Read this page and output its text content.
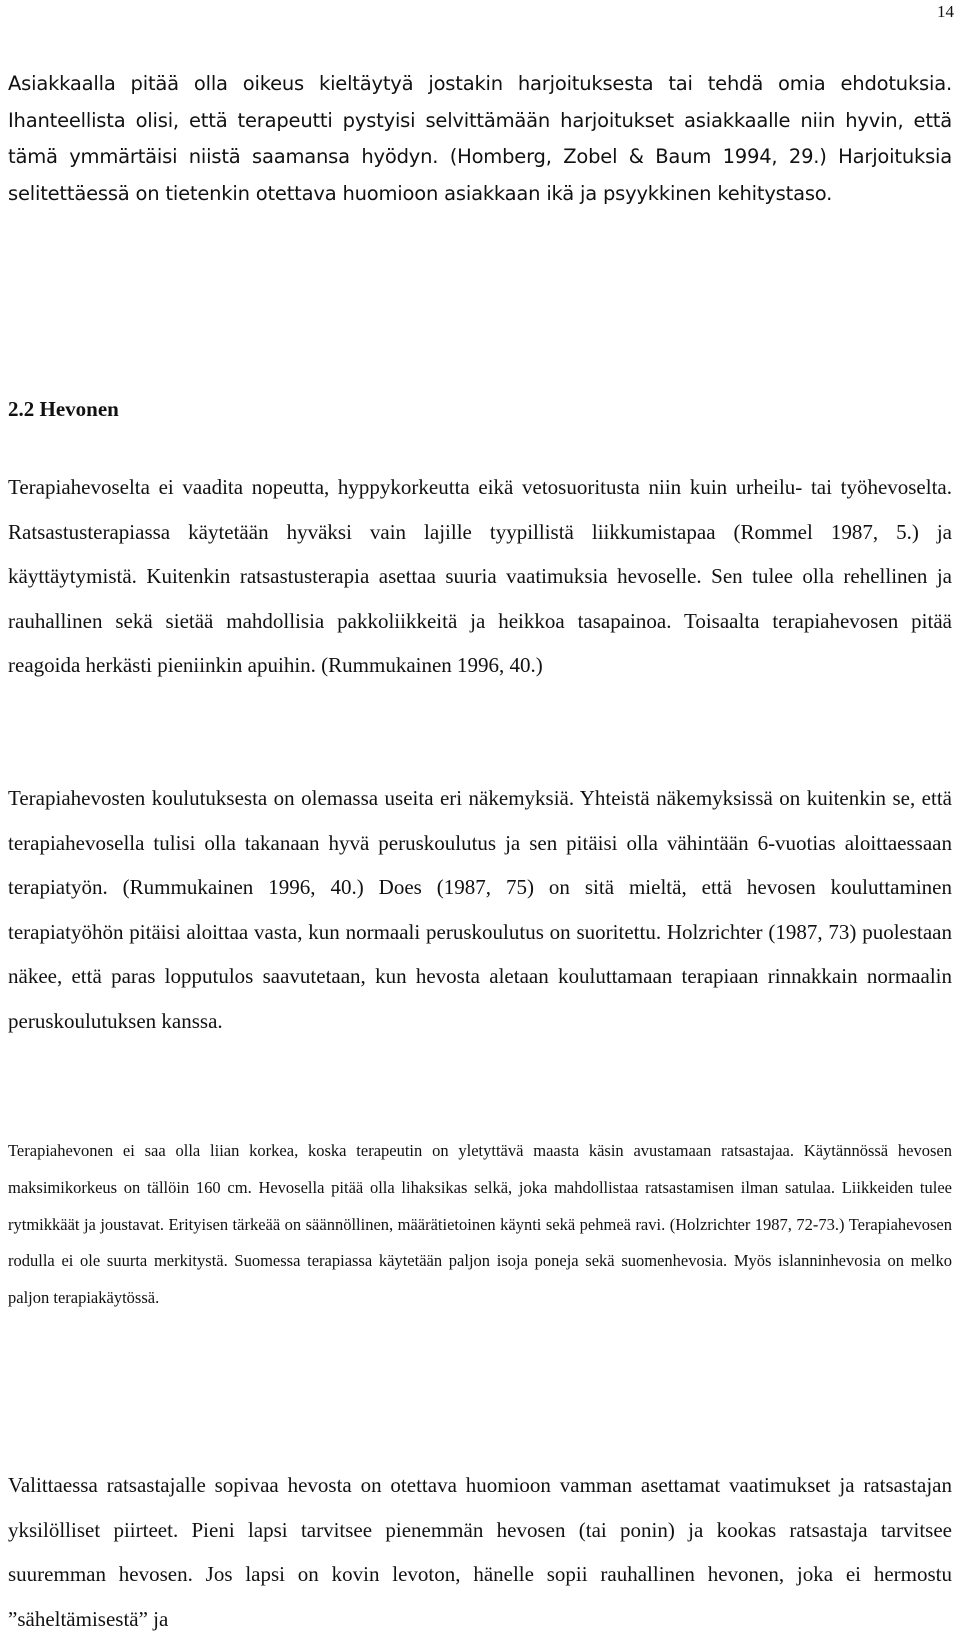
14

Asiakkaalla pitää olla oikeus kieltäytyä jostakin harjoituksesta tai tehdä omia ehdotuksia. Ihanteellista olisi, että terapeutti pystyisi selvittämään harjoitukset asiakkaalle niin hyvin, että tämä ymmärtäisi niistä saamansa hyödyn. (Homberg, Zobel & Baum 1994, 29.) Harjoituksia selitettäessä on tietenkin otettava huomioon asiakkaan ikä ja psyykkinen kehitystaso.

2.2 Hevonen

Terapiahevoselta ei vaadita nopeutta, hyppykorkeutta eikä vetosuoritusta niin kuin urheilu- tai työhevoselta. Ratsastusterapiassa käytetään hyväksi vain lajille tyypillistä liikkumistapaa (Rommel 1987, 5.) ja käyttäytymistä. Kuitenkin ratsastusterapia asettaa suuria vaatimuksia hevoselle. Sen tulee olla rehellinen ja rauhallinen sekä sietää mahdollisia pakkoliikkeitä ja heikkoa tasapainoa. Toisaalta terapiahevosen pitää reagoida herkästi pieniinkin apuihin. (Rummukainen 1996, 40.)

Terapiahevosten koulutuksesta on olemassa useita eri näkemyksiä. Yhteistä näkemyksissä on kuitenkin se, että terapiahevosella tulisi olla takanaan hyvä peruskoulutus ja sen pitäisi olla vähintään 6-vuotias aloittaessaan terapiatyön. (Rummukainen 1996, 40.) Does (1987, 75) on sitä mieltä, että hevosen kouluttaminen terapiatyöhön pitäisi aloittaa vasta, kun normaali peruskoulutus on suoritettu. Holzrichter (1987, 73) puolestaan näkee, että paras lopputulos saavutetaan, kun hevosta aletaan kouluttamaan terapiaan rinnakkain normaalin peruskoulutuksen kanssa.

Terapiahevonen ei saa olla liian korkea, koska terapeutin on yletyttävä maasta käsin avustamaan ratsastajaa. Käytännössä hevosen maksimikorkeus on tällöin 160 cm. Hevosella pitää olla lihaksikas selkä, joka mahdollistaa ratsastamisen ilman satulaa. Liikkeiden tulee rytmikkäät ja joustavat. Erityisen tärkeää on säännöllinen, määrätietoinen käynti sekä pehmeä ravi. (Holzrichter 1987, 72-73.) Terapiahevosen rodulla ei ole suurta merkitystä. Suomessa terapiassa käytetään paljon isoja poneja sekä suomenhevosia. Myös islanninhevosia on melko paljon terapiakäytössä.

Valittaessa ratsastajalle sopivaa hevosta on otettava huomioon vamman asettamat vaatimukset ja ratsastajan yksilölliset piirteet. Pieni lapsi tarvitsee pienemmän hevosen (tai ponin) ja kookas ratsastaja tarvitsee suuremman hevosen. Jos lapsi on kovin levoton, hänelle sopii rauhallinen hevonen, joka ei hermostu ”säheltämisestä” ja
